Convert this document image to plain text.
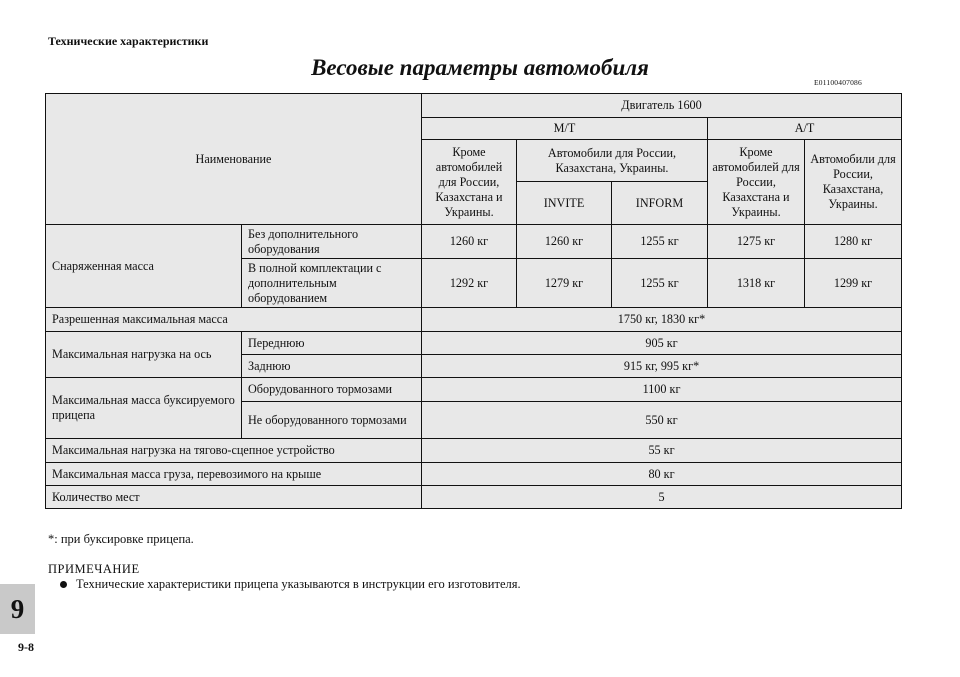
Технические характеристики
Весовые параметры автомобиля
E01100407086
Наименование		Двигатель 1600				
		M/T			A/T	
		Кроме автомобилей для России, Казахстана и Украины.	Автомобили для России, Казахстана, Украины.		Кроме автомобилей для России, Казахстана и Украины.	Автомобили для России, Казахстана, Украины.
			INVITE	INFORM		
Снаряженная масса	Без дополнительного оборудования	1260 кг	1260 кг	1255 кг	1275 кг	1280 кг
	В полной комплектации с дополнительным оборудованием	1292 кг	1279 кг	1255 кг	1318 кг	1299 кг
Разрешенная максимальная масса		1750 кг, 1830 кг*				
Максимальная нагрузка на ось	Переднюю	905 кг				
	Заднюю	915 кг, 995 кг*				
Максимальная масса буксируемого прицепа	Оборудованного тормозами	1100 кг				
	Не оборудованного тормозами	550 кг				
Максимальная нагрузка на тягово-сцепное устройство		55 кг				
Максимальная масса груза, перевозимого на крыше		80 кг				
Количество мест		5				
*: при буксировке прицепа.
ПРИМЕЧАНИЕ
Технические характеристики прицепа указываются в инструкции его изготовителя.
9
9-8
